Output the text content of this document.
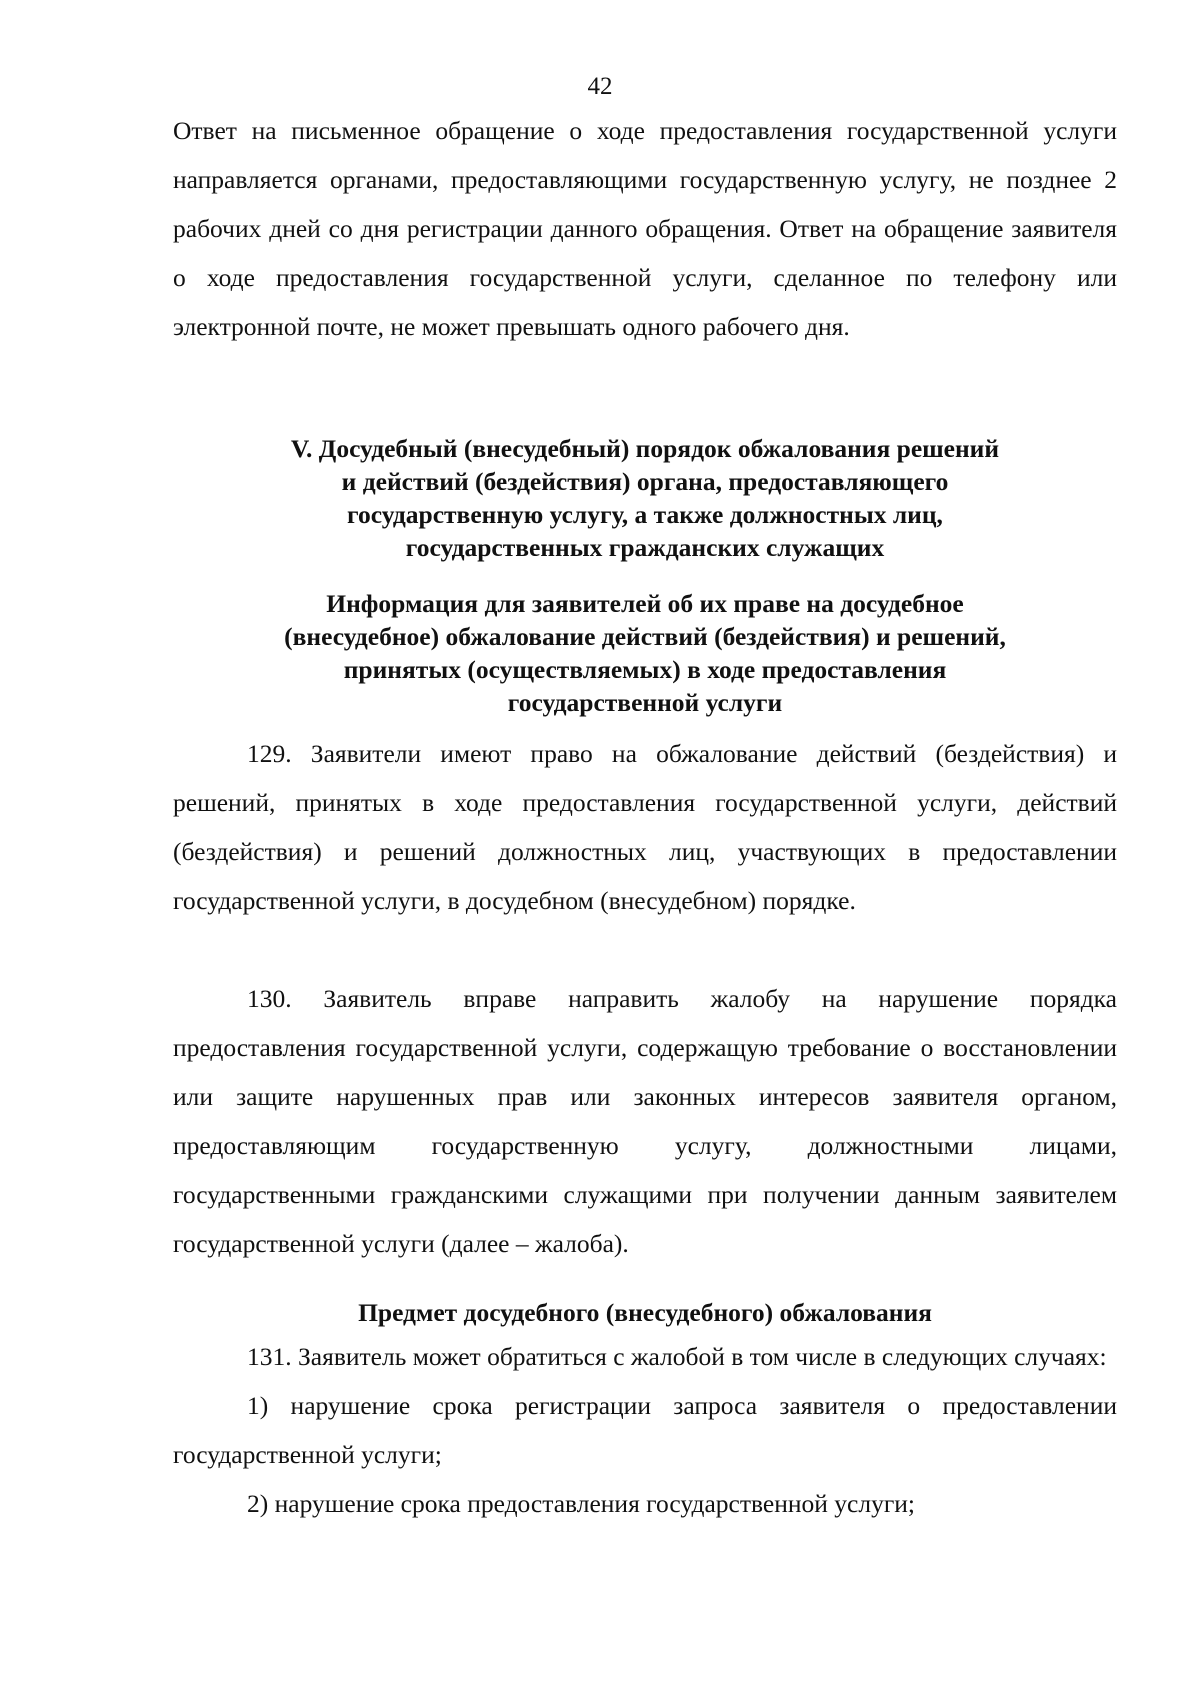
42

Ответ на письменное обращение о ходе предоставления государственной услуги направляется органами, предоставляющими государственную услугу, не позднее 2 рабочих дней со дня регистрации данного обращения. Ответ на обращение заявителя о ходе предоставления государственной услуги, сделанное по телефону или электронной почте, не может превышать одного рабочего дня.

V. Досудебный (внесудебный) порядок обжалования решений
и действий (бездействия) органа, предоставляющего
государственную услугу, а также должностных лиц,
государственных гражданских служащих
Информация для заявителей об их праве на досудебное
(внесудебное) обжалование действий (бездействия) и решений,
принятых (осуществляемых) в ходе предоставления
государственной услуги

129. Заявители имеют право на обжалование действий (бездействия) и решений, принятых в ходе предоставления государственной услуги, действий (бездействия) и решений должностных лиц, участвующих в предоставлении государственной услуги, в досудебном (внесудебном) порядке.

130. Заявитель вправе направить жалобу на нарушение порядка предоставления государственной услуги, содержащую требование о восстановлении или защите нарушенных прав или законных интересов заявителя органом, предоставляющим государственную услугу, должностными лицами, государственными гражданскими служащими при получении данным заявителем государственной услуги (далее – жалоба).

Предмет досудебного (внесудебного) обжалования

131. Заявитель может обратиться с жалобой в том числе в следующих случаях:

1) нарушение срока регистрации запроса заявителя о предоставлении государственной услуги;

2) нарушение срока предоставления государственной услуги;
